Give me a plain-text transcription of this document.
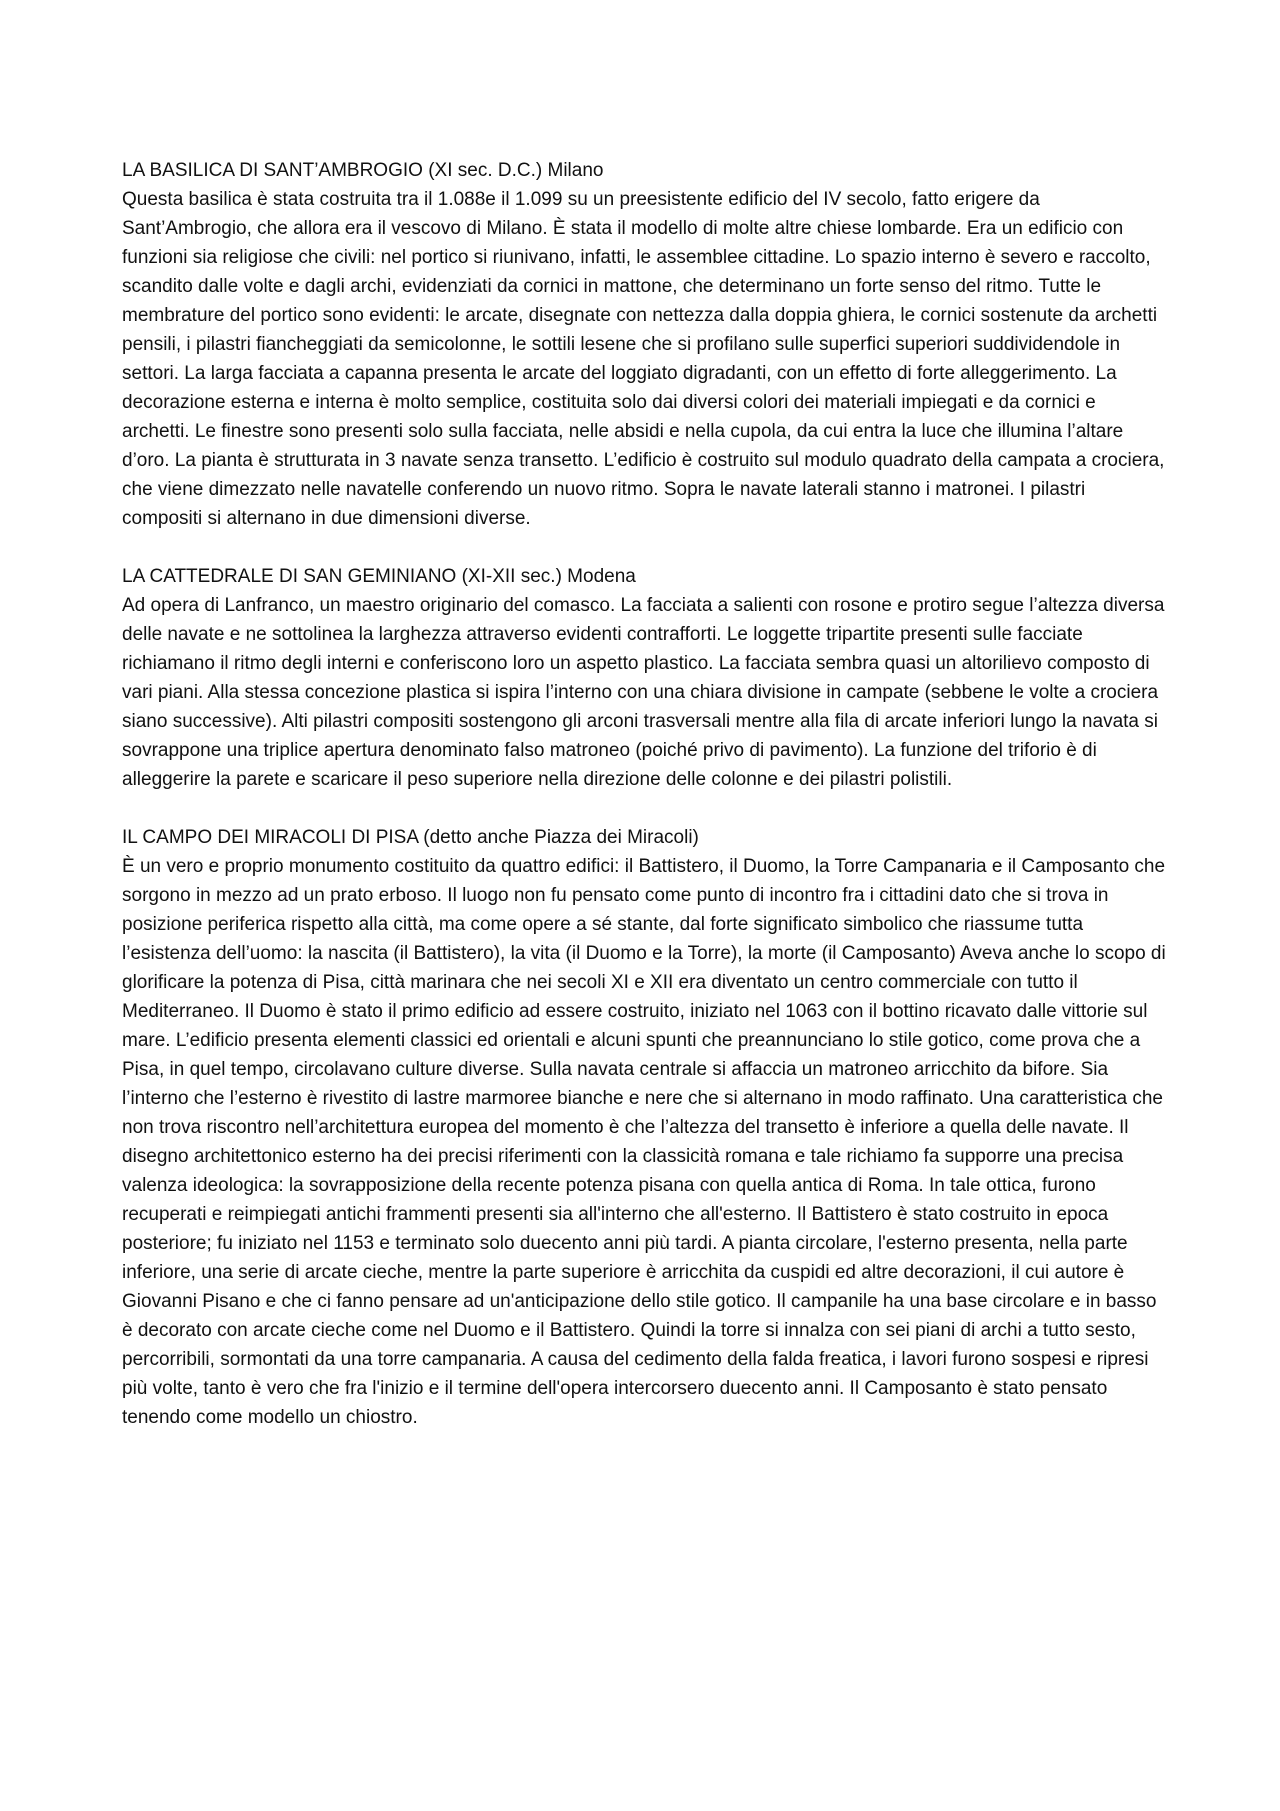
LA BASILICA DI SANT’AMBROGIO (XI sec. D.C.) Milano
Questa basilica è stata costruita tra il 1.088e il 1.099 su un preesistente edificio del IV secolo, fatto erigere da Sant’Ambrogio, che allora era il vescovo di Milano. È stata il modello di molte altre chiese lombarde. Era un edificio con funzioni sia religiose che civili: nel portico si riunivano, infatti, le assemblee cittadine. Lo spazio interno è severo e raccolto, scandito dalle volte e dagli archi, evidenziati da cornici in mattone, che determinano un forte senso del ritmo. Tutte le membrature del portico sono evidenti: le arcate, disegnate con nettezza dalla doppia ghiera, le cornici sostenute da archetti pensili, i pilastri fiancheggiati da semicolonne, le sottili lesene che si profilano sulle superfici superiori suddividendole in settori. La larga facciata a capanna presenta le arcate del loggiato digradanti, con un effetto di forte alleggerimento. La decorazione esterna e interna è molto semplice, costituita solo dai diversi colori dei materiali impiegati e da cornici e archetti. Le finestre sono presenti solo sulla facciata, nelle absidi e nella cupola, da cui entra la luce che illumina l’altare d’oro. La pianta è strutturata in 3 navate senza transetto. L’edificio è costruito sul modulo quadrato della campata a crociera, che viene dimezzato nelle navatelle conferendo un nuovo ritmo. Sopra le navate laterali stanno i matronei. I pilastri compositi si alternano in due dimensioni diverse.
LA CATTEDRALE DI SAN GEMINIANO (XI-XII sec.) Modena
Ad opera di Lanfranco, un maestro originario del comasco. La facciata a salienti con rosone e protiro segue l’altezza diversa delle navate e ne sottolinea la larghezza attraverso evidenti contrafforti. Le loggette tripartite presenti sulle facciate richiamano il ritmo degli interni e conferiscono loro un aspetto plastico. La facciata sembra quasi un altorilievo composto di vari piani. Alla stessa concezione plastica si ispira l’interno con una chiara divisione in campate (sebbene le volte a crociera siano successive). Alti pilastri compositi sostengono gli arconi trasversali mentre alla fila di arcate inferiori lungo la navata si sovrappone una triplice apertura denominato falso matroneo (poiché privo di pavimento). La funzione del triforio è di alleggerire la parete e scaricare il peso superiore nella direzione delle colonne e dei pilastri polistili.
IL CAMPO DEI MIRACOLI DI PISA (detto anche Piazza dei Miracoli)
È un vero e proprio monumento costituito da quattro edifici: il Battistero, il Duomo, la Torre Campanaria e il Camposanto che sorgono in mezzo ad un prato erboso. Il luogo non fu pensato come punto di incontro fra i cittadini dato che si trova in posizione periferica rispetto alla città, ma come opere a sé stante, dal forte significato simbolico che riassume tutta l’esistenza dell’uomo: la nascita (il Battistero), la vita (il Duomo e la Torre), la morte (il Camposanto) Aveva anche lo scopo di glorificare la potenza di Pisa, città marinara che nei secoli XI e XII era diventato un centro commerciale con tutto il Mediterraneo. Il Duomo è stato il primo edificio ad essere costruito, iniziato nel 1063 con il bottino ricavato dalle vittorie sul mare. L’edificio presenta elementi classici ed orientali e alcuni spunti che preannunciano lo stile gotico, come prova che a Pisa, in quel tempo, circolavano culture diverse. Sulla navata centrale si affaccia un matroneo arricchito da bifore. Sia l’interno che l’esterno è rivestito di lastre marmoree bianche e nere che si alternano in modo raffinato. Una caratteristica che non trova riscontro nell’architettura europea del momento è che l’altezza del transetto è inferiore a quella delle navate. Il disegno architettonico esterno ha dei precisi riferimenti con la classicità romana e tale richiamo fa supporre una precisa valenza ideologica: la sovrapposizione della recente potenza pisana con quella antica di Roma. In tale ottica, furono recuperati e reimpiegati antichi frammenti presenti sia all'interno che all'esterno. Il Battistero è stato costruito in epoca posteriore; fu iniziato nel 1153 e terminato solo duecento anni più tardi. A pianta circolare, l'esterno presenta, nella parte inferiore, una serie di arcate cieche, mentre la parte superiore è arricchita da cuspidi ed altre decorazioni, il cui autore è Giovanni Pisano e che ci fanno pensare ad un'anticipazione dello stile gotico. Il campanile ha una base circolare e in basso è decorato con arcate cieche come nel Duomo e il Battistero. Quindi la torre si innalza con sei piani di archi a tutto sesto, percorribili, sormontati da una torre campanaria. A causa del cedimento della falda freatica, i lavori furono sospesi e ripresi più volte, tanto è vero che fra l'inizio e il termine dell'opera intercorsero duecento anni. Il Camposanto è stato pensato tenendo come modello un chiostro.
